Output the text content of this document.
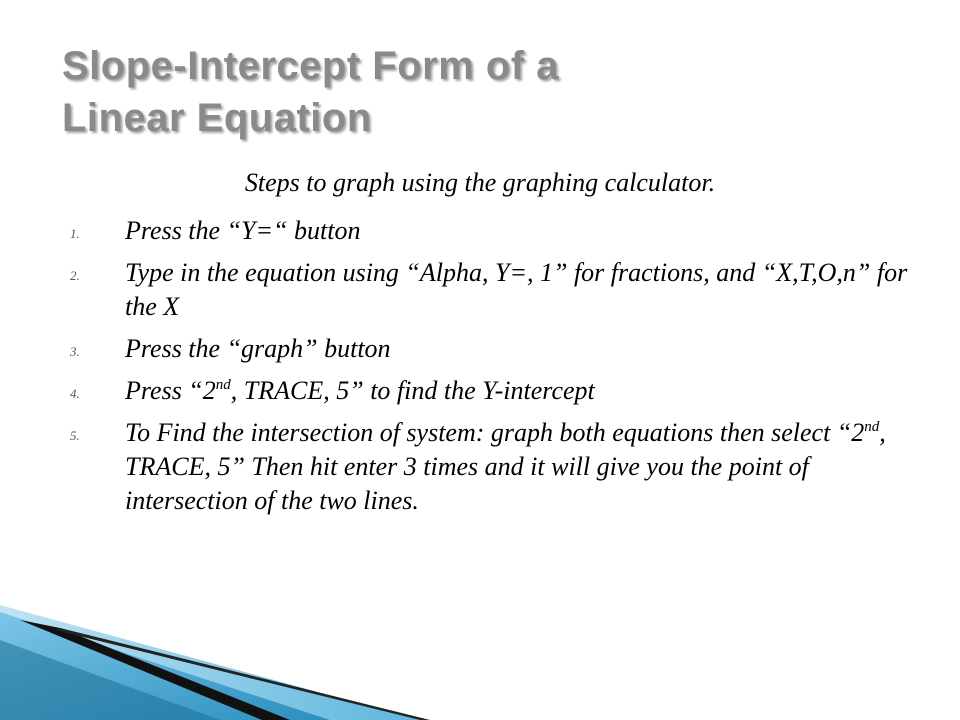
Slope-Intercept Form of a
Linear Equation
Steps to graph using the graphing calculator.
1. Press the “Y=“ button
2. Type in the equation using “Alpha, Y=, 1” for fractions, and “X,T,O,n” for the X
3. Press the “graph” button
4. Press “2nd, TRACE, 5” to find the Y-intercept
5. To Find the intersection of system: graph both equations then select “2nd, TRACE, 5” Then hit enter 3 times and it will give you the point of intersection of the two lines.
